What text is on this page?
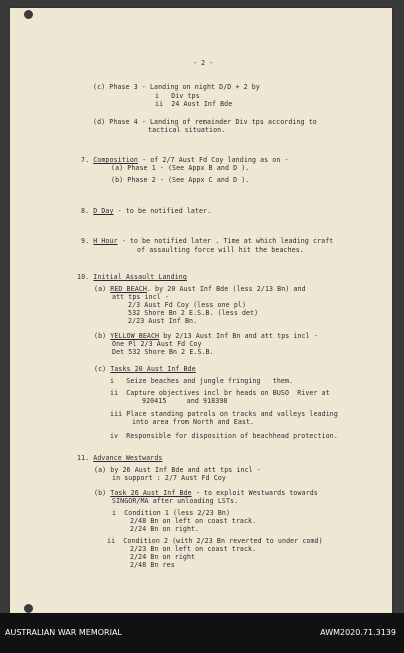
- 2 -
(c) Phase 3 - Landing on night D/D + 2 by
i   Div tps
ii  24 Aust Inf Bde
(d) Phase 4 - Landing of remainder Div tps according to
tactical situation.
7. Composition - of 2/7 Aust Fd Coy landing as on -
(a) Phase 1 - (See Appx B and D ).
(b) Phase 2 - (See Appx C and D ).
8. D Day - to be notified later.
9. H Hour - to be notified later . Time at which leading craft
of assaulting force will hit the beaches.
10. Initial Assault Landing
(a) RED BEACH. by 20 Aust Inf Bde (less 2/13 Bn) and
att tps incl -
2/3 Aust Fd Coy (less one pl)
532 Shore Bn 2 E.S.B. (less det)
2/23 Aust Inf Bn.
(b) YELLOW BEACH by 2/13 Aust Inf Bn and att tps incl -
One Pl 2/3 Aust Fd Coy
Det 532 Shore Bn 2 E.S.B.
(c) Tasks 20 Aust Inf Bde
i   Seize beaches and jungle fringing   them.
ii  Capture objectives incl br heads on BUSO  River at
920415     and 918398
iii Place standing patrols on tracks and valleys leading
into area from North and East.
iv  Responsible for disposition of beachhead protection.
11. Advance Westwards
(a) by 26 Aust Inf Bde and att tps incl -
in support : 2/7 Aust Fd Coy
(b) Task 26 Aust Inf Bde - to exploit Westwards towards
SINGOR/MA after unloading LSTs.
i  Condition 1 (less 2/23 Bn)
2/48 Bn on left on coast track.
2/24 Bn on right.
ii  Condition 2 (with 2/23 Bn reverted to under comd)
2/23 Bn on left on coast track.
2/24 Bn on right
2/48 Bn res
AUSTRALIAN WAR MEMORIAL	AWM2020.71.3139
